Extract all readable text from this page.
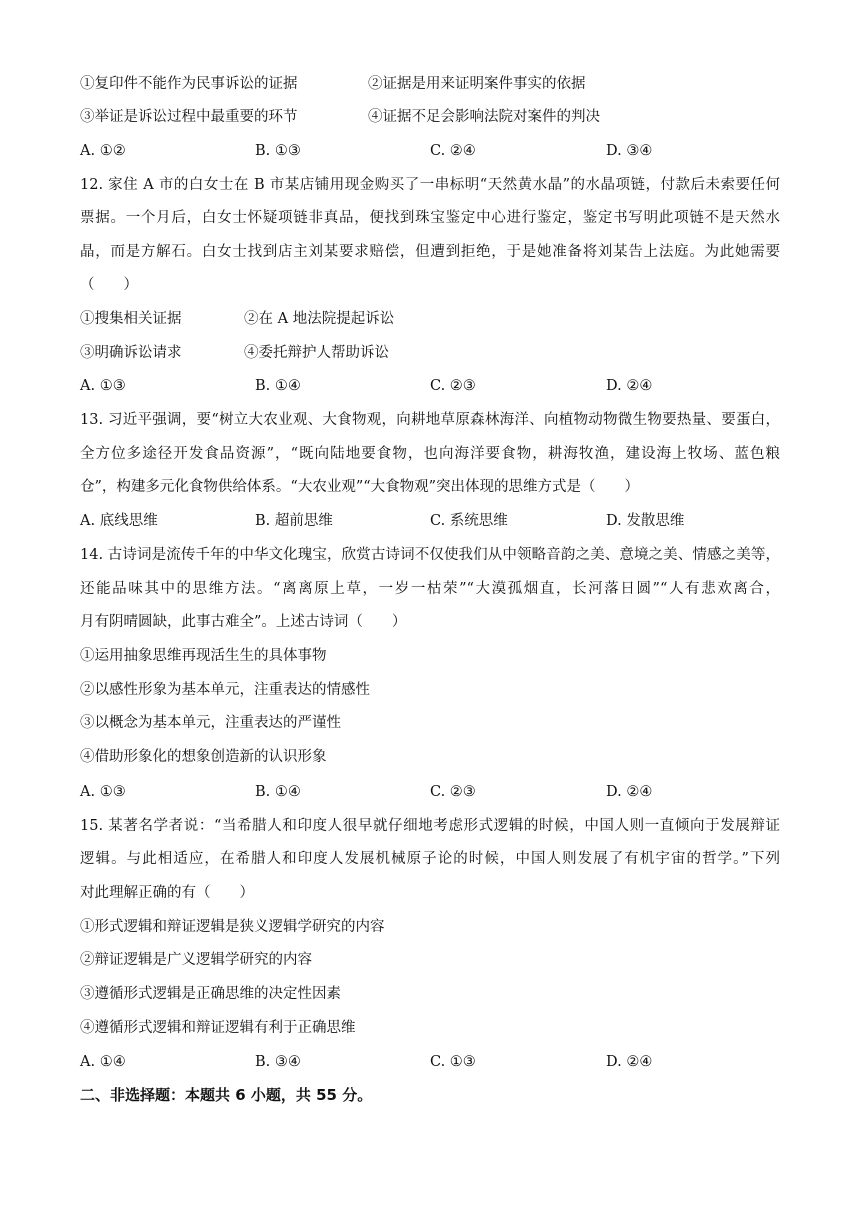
①复印件不能作为民事诉讼的证据	②证据是用来证明案件事实的依据
③举证是诉讼过程中最重要的环节	④证据不足会影响法院对案件的判决
A. ①②	B. ①③	C. ②④	D. ③④
12. 家住 A 市的白女士在 B 市某店铺用现金购买了一串标明“天然黄水晶”的水晶项链，付款后未索要任何
票据。一个月后，白女士怀疑项链非真品，便找到珠宝鉴定中心进行鉴定，鉴定书写明此项链不是天然水
晶，而是方解石。白女士找到店主刘某要求赔偿，但遭到拒绝，于是她准备将刘某告上法庭。为此她需要
（　　）
①搜集相关证据	②在 A 地法院提起诉讼
③明确诉讼请求	④委托辩护人帮助诉讼
A. ①③	B. ①④	C. ②③	D. ②④
13. 习近平强调，要“树立大农业观、大食物观，向耕地草原森林海洋、向植物动物微生物要热量、要蛋白，
全方位多途径开发食品资源”，“既向陆地要食物，也向海洋要食物，耕海牧渔，建设海上牧场、蓝色粮
仓”，构建多元化食物供给体系。“大农业观”“大食物观”突出体现的思维方式是（　　）
A. 底线思维	B. 超前思维	C. 系统思维	D. 发散思维
14. 古诗词是流传千年的中华文化瑰宝，欣赏古诗词不仅使我们从中领略音韵之美、意境之美、情感之美等，
还能品味其中的思维方法。“离离原上草，一岁一枯荣”“大漠孤烟直，长河落日圆”“人有悲欢离合，
月有阴晴圆缺，此事古难全”。上述古诗词（　　）
①运用抽象思维再现活生生的具体事物
②以感性形象为基本单元，注重表达的情感性
③以概念为基本单元，注重表达的严谨性
④借助形象化的想象创造新的认识形象
A. ①③	B. ①④	C. ②③	D. ②④
15. 某著名学者说：“当希腊人和印度人很早就仔细地考虑形式逻辑的时候，中国人则一直倾向于发展辩证
逻辑。与此相适应，在希腊人和印度人发展机械原子论的时候，中国人则发展了有机宇宙的哲学。”下列
对此理解正确的有（　　）
①形式逻辑和辩证逻辑是狭义逻辑学研究的内容
②辩证逻辑是广义逻辑学研究的内容
③遵循形式逻辑是正确思维的决定性因素
④遵循形式逻辑和辩证逻辑有利于正确思维
A. ①④	B. ③④	C. ①③	D. ②④
二、非选择题：本题共 6 小题，共 55 分。
